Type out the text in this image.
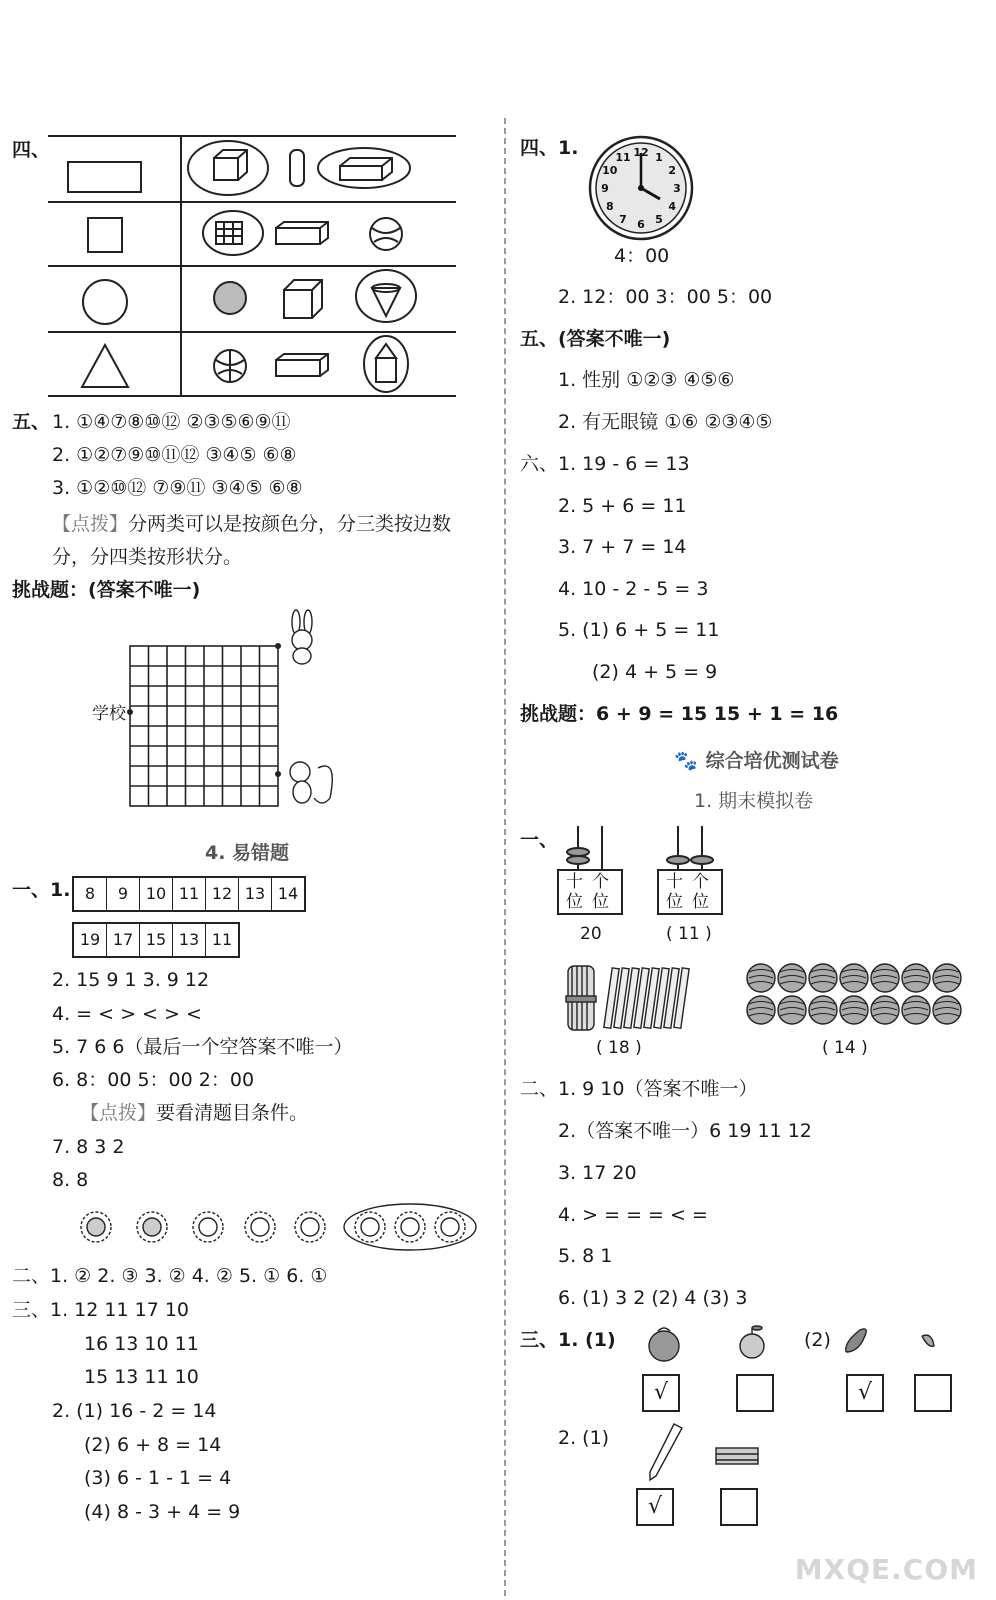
四、
五、 1. ①④⑦⑧⑩⑫ ②③⑤⑥⑨⑪
2. ①②⑦⑨⑩⑪⑫ ③④⑤ ⑥⑧
3. ①②⑩⑫ ⑦⑨⑪ ③④⑤ ⑥⑧
【点拨】分两类可以是按颜色分，分三类按边数
分，分四类按形状分。
挑战题：(答案不唯一)
学校
4. 易错题
一、1. 8	9	10 11 12 13 14
19 17 15 13 11
2. 15 9 1 3. 9 12
4. = < > < > <
5. 7 6 6（最后一个空答案不唯一）
6. 8：00 5：00 2：00
【点拨】要看清题目条件。
7. 8 3 2
8. 8
二、1. ② 2. ③ 3. ② 4. ② 5. ① 6. ①
三、1. 12 11 17 10
16 13 10 11
15 13 11 10
2. (1) 16 - 2 = 14
(2) 6 + 8 = 14
(3) 6 - 1 - 1 = 4
(4) 8 - 3 + 4 = 9
四、1.	12 1
2
3
4
5
6
7
8
9
10
11
4：00
2. 12：00 3：00 5：00
五、(答案不唯一)
1. 性别 ①②③ ④⑤⑥
2. 有无眼镜 ①⑥ ②③④⑤
六、1. 19 - 6 = 13
2. 5 + 6 = 11
3. 7 + 7 = 14
4. 10 - 2 - 5 = 3
5. (1) 6 + 5 = 11
(2) 4 + 5 = 9
挑战题：6 + 9 = 15 15 + 1 = 16
🐾 综合培优测试卷
1. 期末模拟卷
一、
十位
个位
20
十位
个位
( 11 )
( 18 )	( 14 )
二、1. 9 10（答案不唯一）
2.（答案不唯一）6 19 11 12
3. 17 20
4. > = = = < =
5. 8 1
6. (1) 3 2 (2) 4 (3) 3
三、1. (1)	(2)
√	√
2. (1)
√
MXQE.COM
